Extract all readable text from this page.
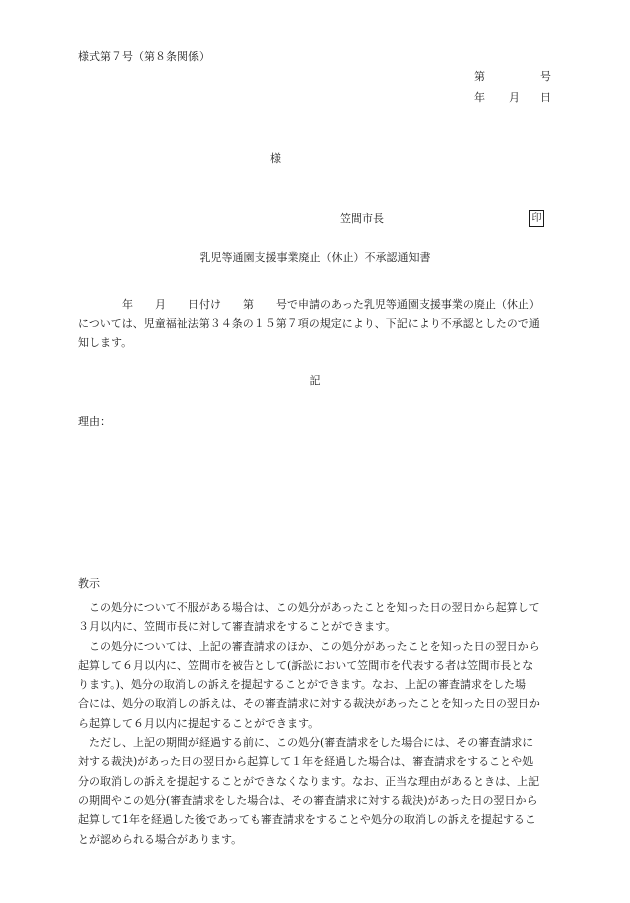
様式第７号（第８条関係）
第	号
年 月 日
様
笠間市長	印
乳児等通園支援事業廃止（休止）不承認通知書
　　　　年　　月　　日付け　　第　　号で申請のあった乳児等通園支援事業の廃止（休止）
については、児童福祉法第３４条の１５第７項の規定により、下記により不承認としたので通
知します。
記
理由：
教示
　この処分について不服がある場合は、この処分があったことを知った日の翌日から起算して
３月以内に、笠間市長に対して審査請求をすることができます。
　この処分については、上記の審査請求のほか、この処分があったことを知った日の翌日から
起算して６月以内に、笠間市を被告として(訴訟において笠間市を代表する者は笠間市長とな
ります。)、処分の取消しの訴えを提起することができます。なお、上記の審査請求をした場
合には、処分の取消しの訴えは、その審査請求に対する裁決があったことを知った日の翌日か
ら起算して６月以内に提起することができます。
　ただし、上記の期間が経過する前に、この処分(審査請求をした場合には、その審査請求に
対する裁決)があった日の翌日から起算して１年を経過した場合は、審査請求をすることや処
分の取消しの訴えを提起することができなくなります。なお、正当な理由があるときは、上記
の期間やこの処分(審査請求をした場合は、その審査請求に対する裁決)があった日の翌日から
起算して1年を経過した後であっても審査請求をすることや処分の取消しの訴えを提起するこ
とが認められる場合があります。
